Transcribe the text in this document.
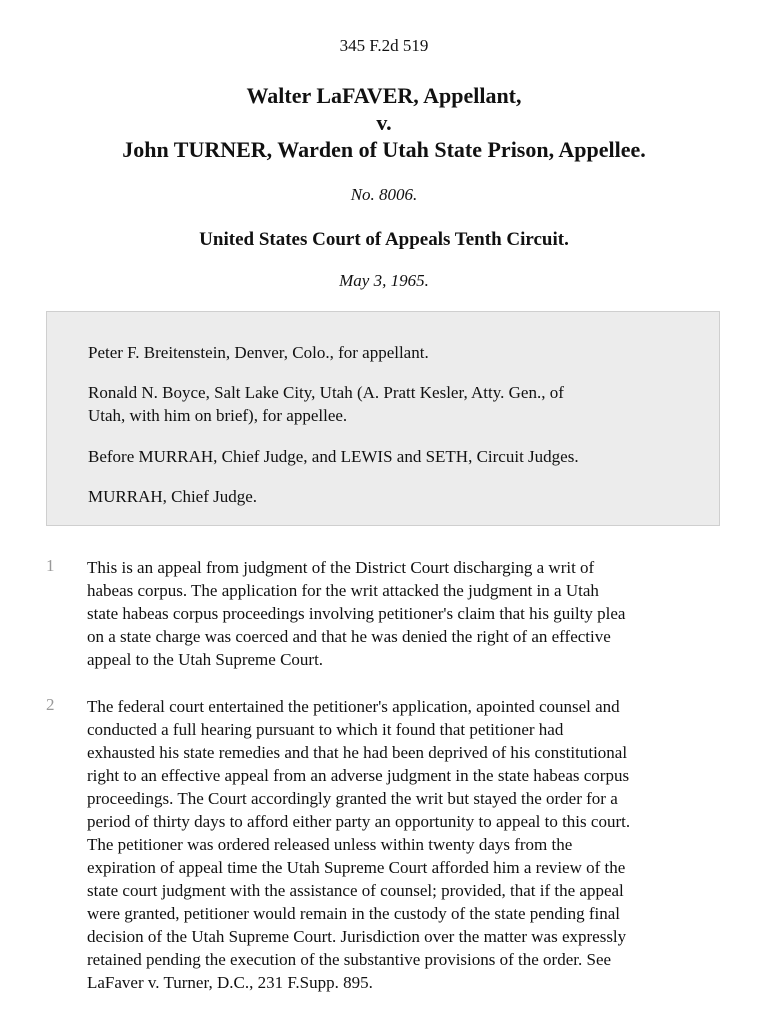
345 F.2d 519
Walter LaFAVER, Appellant,
v.
John TURNER, Warden of Utah State Prison, Appellee.
No. 8006.
United States Court of Appeals Tenth Circuit.
May 3, 1965.
Peter F. Breitenstein, Denver, Colo., for appellant.
Ronald N. Boyce, Salt Lake City, Utah (A. Pratt Kesler, Atty. Gen., of
Utah, with him on brief), for appellee.
Before MURRAH, Chief Judge, and LEWIS and SETH, Circuit Judges.
MURRAH, Chief Judge.
1 This is an appeal from judgment of the District Court discharging a writ of
habeas corpus. The application for the writ attacked the judgment in a Utah
state habeas corpus proceedings involving petitioner's claim that his guilty plea
on a state charge was coerced and that he was denied the right of an effective
appeal to the Utah Supreme Court.
2 The federal court entertained the petitioner's application, apointed counsel and
conducted a full hearing pursuant to which it found that petitioner had
exhausted his state remedies and that he had been deprived of his constitutional
right to an effective appeal from an adverse judgment in the state habeas corpus
proceedings. The Court accordingly granted the writ but stayed the order for a
period of thirty days to afford either party an opportunity to appeal to this court.
The petitioner was ordered released unless within twenty days from the
expiration of appeal time the Utah Supreme Court afforded him a review of the
state court judgment with the assistance of counsel; provided, that if the appeal
were granted, petitioner would remain in the custody of the state pending final
decision of the Utah Supreme Court. Jurisdiction over the matter was expressly
retained pending the execution of the substantive provisions of the order. See
LaFaver v. Turner, D.C., 231 F.Supp. 895.
